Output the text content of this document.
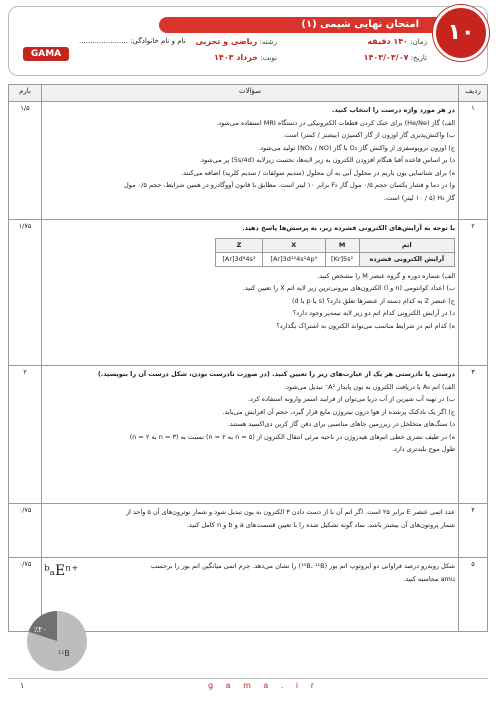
امتحان نهایی شیمی (۱)	۱۰
زمان: ۱۴۰ دقیقه
رشته: ریاضی و تجربی
تاریخ: ۱۴۰۳/۰۳/۰۷
نوبت: خرداد ۱۴۰۳
نام و نام خانوادگی: ......................
GAMA
ردیف	سؤالات	بارم
۱	
در هر مورد واژه درست را انتخاب کنید.
الف) گاز (He/Ne) برای خنک کردن قطعات الکترونیکی در دستگاه MRI استفاده می‌شود.
ب) واکنش‌پذیری گاز اوزون از گاز اکسیژن (بیشتر / کمتر) است.
ج) اوزون تروپوسفری از واکنش گاز O₂ با گاز (NO₂ / NO) تولید می‌شود.
د) بر اساس قاعده آفبا هنگام افزودن الکترون به زیر لایه‌ها، نخست زیرلایه (5s/4d) پر می‌شود.
ه) برای شناسایی یون باریم در محلول آبی به آن محلول (سدیم سولفات / سدیم کلرید) اضافه می‌کنند.
و) در دما و فشار یکسان حجم ۰/۵ مول گاز F₂ برابر ۱۰ لیتر است. مطابق با قانون آووگادرو در همین شرایط، حجم ۰/۵ مول
گاز H₂ (۱۰ / ۵ لیتر) است.
	۱/۵
۲	
با توجه به آرایش‌های الکترونی فشرده زیر، به پرسش‌ها پاسخ دهید.
Z	X	M	اتم
[Ar]3d⁸4s²	[Ar]3d¹⁰4s²4p⁵	[Kr]5s²	آرایش الکترونی فشرده
الف) شماره دوره و گروه عنصر M را مشخص کنید.
ب) اعداد کوانتومی (n و l) الکترون‌های بیرونی‌ترین زیر لایه اتم X را تعیین کنید.
ج) عنصر Z به کدام دسته از عنصرها تعلق دارد؟ (s یا p یا d)
د) در آرایش الکترونی کدام اتم دو زیر لایه نیمه‌پر وجود دارد؟
ه) کدام اتم در شرایط مناسب می‌تواند الکترون به اشتراک بگذارد؟
	۱/۷۵
۳	
درستی یا نادرستی هر یک از عبارت‌های زیر را تعیین کنید. (در صورت نادرست بودن، شکل درست آن را بنویسید.)
الف) اتم A₈ با دریافت الکترون به یون پایدار A²⁻ تبدیل می‌شود.
ب) در تهیه آب شیرین از آب دریا می‌توان از فرایند اسمز وارونه استفاده کرد.
ج) اگر یک بادکنک پرشده از هوا درون نیتروژن مایع قرار گیرد، حجم آن افزایش می‌یابد.
د) سنگ‌های متخلخل در زیرزمین جاهای مناسبی برای دفن گاز کربن دی‌اکسید هستند.
ه) در طیف نشری خطی اتم‌های هیدروژن در ناحیه مرئی انتقال الکترون از (n = ۵ به n = ۲) نسبت به (n = ۳ به n = ۲)
طول موج بلندتری دارد.
	۲
۴	
عدد اتمی عنصر E برابر ۲۵ است. اگر اتم آن با از دست دادن ۳ الکترون به یون تبدیل شود و شمار نوترون‌های آن ۵ واحد از
شمار پروتون‌های آن بیشتر باشد، نماد گونه تشکیل شده را با تعیین قسمت‌های a و b و n کامل کنید.
	۰/۷۵
۵	
شکل روبه‌رو درصد فراوانی دو ایزوتوپ اتم بور (¹⁰B، ¹¹B) را نشان می‌دهد. جرم اتمی میانگین اتم بور را برحسب
amu محاسبه کنید.
	۰/۷۵ ᵇₐEⁿ⁺
٪۲۰
¹¹B
۱	g a m a . i r
